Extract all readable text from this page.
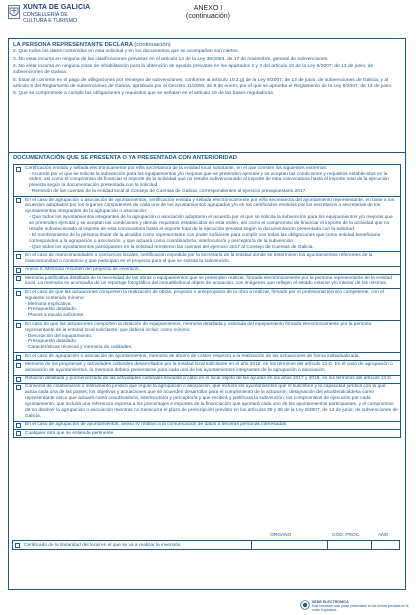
XUNTA DE GALICIA
CONSELLERÍA DE
CULTURA E TURISMO
ANEXO I
(continuación)
LA PERSONA REPRESENTANTE DECLARA (continuación)

2. Que todos los datos contenidos en esta solicitud y en los documentos que se acompañan son ciertos.

3. No estar incursa en ninguna de las clasificaciones previstas en el artículo 13 de la Ley 38/2003, de 17 de noviembre, general de subvenciones.

4. No estar incursa en ninguna clase de inhabilitación para la obtención de ayudas previstas en los apartados 2 y 3 del artículo 10 de la Ley 9/2007, de 13 de junio, de subvenciones de Galicia.

5. Estar al corriente en el pago de obligaciones por reintegro de subvenciones, conforme al artículo 10.2.g) de la Ley 9/2007, de 13 de junio, de subvenciones de Galicia, y al artículo 9 del Reglamento de subvenciones de Galicia, aprobado por el Decreto 11/2009, de 8 de enero, por el que se aprueba el Reglamento de la Ley 9/2007, de 13 de junio.

6. Que se compromete a cumplir las obligaciones y requisitos que se señalan en el artículo 19 de las bases reguladoras.

DOCUMENTACIÓN QUE SE PRESENTA O YA PRESENTADA CON ANTERIORIDAD
Certificación emitida y sellada electrónicamente por el/la secretario/a de la entidad local solicitante, en el que consten los siguientes extremos:
- Acuerdo por el que se solicita la subvención para los equipamientos y/o mejoras que se pretenden ejecutar y se aceptan las condiciones y requisitos establecidos en la orden, así como el compromiso de financiar el importe de la actividad que no resulte subvencionado al importe de esta convocatoria hasta el importe total de la ejecución prevista según la documentación presentada con la solicitud.
- Remisión de las cuentas de la entidad local al Consejo de Cuentas de Galicia, correspondientes al ejercicio presupuestario 2017.
En el caso de agrupación o asociación de ayuntamientos, certificación emitida y sellada electrónicamente por el/la secretario/a del ayuntamiento representante, en base a los acuerdos adoptados por los órganos competentes de cada uno de los ayuntamientos agrupados y/o en los certificados emitidos por los secretarios o secretarias de los ayuntamientos integrantes de la agrupación o asociación:
- Que todos los ayuntamientos integrantes de la agrupación o asociación adoptaron el acuerdo por el que se solicita la subvención para los equipamientos y/o mejoras que se pretenden ejecutar y se aceptan las condiciones y demás requisitos establecidos en esta orden, así como el compromiso de financiar el importe de la actividad que no resulte subvencionado al importe de esta convocatoria hasta el importe total de la ejecución prevista según la documentación presentada con la solicitud.
- El nombramiento de la persona titular de la alcaldía como representante con poder suficiente para cumplir con todas las obligaciones que como entidad beneficiaria corresponden a la agrupación o asociación, y que actuará como coordinador/a, interlocutor/a y perceptor/a de la subvención.
- Que todos los ayuntamientos participantes en la solicitud remitieron las cuentas del ejercicio 2017 al Consejo de Cuentas de Galicia.
En el caso de mancomunidades o consorcios locales, certificación expedida por la secretaría de la entidad donde se determinen los ayuntamientos referentes de la mancomunidad o consorcio y que participan en el proyecto para el que se solicita la subvención.
Anexo II. Memoria resumen del proyecto de inversión.
Memoria justificativa detallada de la necesidad de las obras o equipamientos que se pretenden realizar, firmada electrónicamente por la persona representante de la entidad local. La memoria se acompaña de un reportaje fotográfico del inmueble/local objeto de actuación, con imágenes que reflejen el estado exterior y/o interior de los mismos.
En el caso de que las actuaciones comporten la realización de obras, proyecto o anteproyecto de la obra a realizar, firmado por el profesional técnico competente, con el siguiente contenido mínimo:
- Memoria explicativa.
- Presupuesto detallado.
- Planos a escala suficiente.
En caso de que las actuaciones comporten la dotación de equipamientos, memoria detallada y valorada del equipamiento firmada electrónicamente por la persona representante de la entidad local solicitante, que deberá incluir, como mínimo:
- Descripción del equipamiento.
- Presupuesto detallado.
- Características técnicas y memoria de calidades.
En el caso de agrupación o asociación de ayuntamientos, memoria de ahorro de costes respecto a la realización de las actuaciones de forma individualizada.
Memoria de los programas y actividades culturales desarrollados por la entidad local solicitante en el año 2018, en los términos del artículo 13.D. En el caso de agrupación o asociación de ayuntamientos, la memoria deberá presentarse para cada uno de los ayuntamientos integrantes de la agrupación o asociación.
Relación detallada y pormenorizada de las actividades culturales llevadas a cabo en el local objeto de las ayudas en los años 2017 y 2018, en los términos del artículo 13.D.
Convenio de colaboración o instrumento jurídico que regule la agrupación o asociación, que incluirá los ayuntamientos que lo suscriben y la capacidad jurídica con la que actúa cada una de las partes; los objetivos y actuaciones que se acuerden desarrollar para el cumplimiento de la actuación; designación del alcalde/alcaldesa como representante único que actuará como coordinador/a, interlocutor/a y perceptor/a y que recibirá y justificará la subvención; los compromisos de ejecución por cada ayuntamiento, que incluirá una referencia expresa a los porcentajes e importes de la financiación que aportará cada uno de los ayuntamientos participantes; y el compromiso de no disolver la agrupación o asociación mientras no transcurra el plazo de prescripción previsto en los artículos 35 y 36 de la Ley 9/2007, de 13 de junio, de subvenciones de Galicia.
En el caso de agrupación de ayuntamientos, anexo IV relativo a la comunicación de datos a terceras personas interesadas.
Cualquier otra que se entienda pertinente.
ÓRGANO	CÓD. PROC.	AÑO
Certificado de la titularidad del local en el que se va a realizar la inversión.
SEDE ELECTRÓNICA
Este formulario solo podrá presentarse en las formas previstas en la orden reguladora.
